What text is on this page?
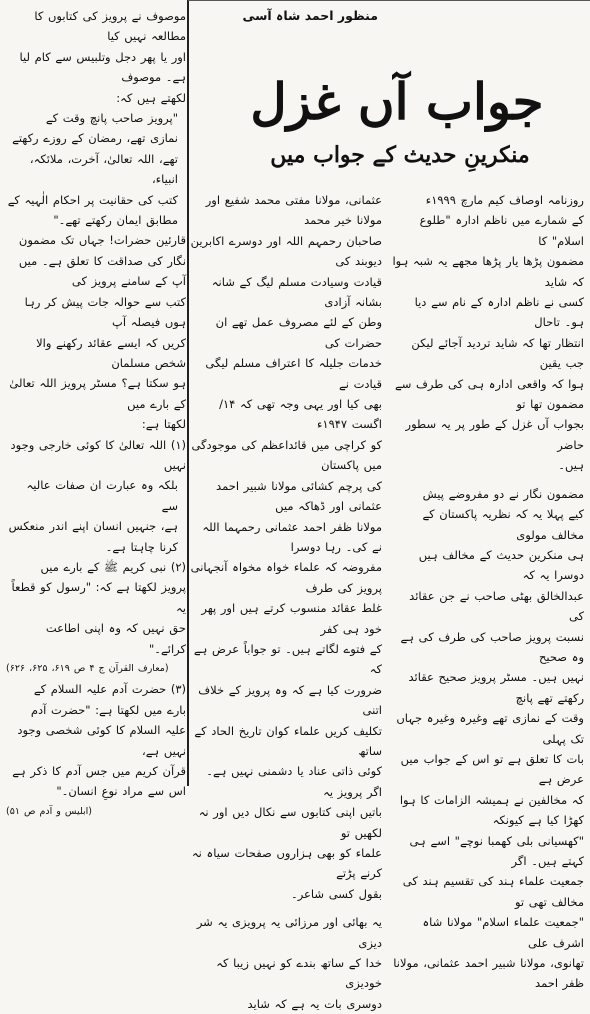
منظور احمد شاہ آسی
جواب آں غزل
منکرینِ حدیث کے جواب میں

روزنامہ اوصاف کیم مارچ ۱۹۹۹ء

کے شمارے میں ناظم ادارہ "طلوع اسلام" کا

مضمون پڑھا یار پڑھا مجھے یہ شبہ ہوا کہ شاید

کسی نے ناظم ادارہ کے نام سے دیا ہو۔ تاحال

انتظار تھا کہ شاید تردید آجائے لیکن جب یقین

ہوا کہ واقعی ادارہ ہی کی طرف سے مضمون تھا تو

بجواب آں غزل کے طور پر یہ سطور حاضر

ہیں۔

مضمون نگار نے دو مفروضے پیش

کیے پہلا یہ کہ نظریہ پاکستان کے مخالف مولوی

ہی منکرین حدیث کے مخالف ہیں دوسرا یہ کہ

عبدالخالق بھٹی صاحب نے جن عقائد کی

نسبت پرویز صاحب کی طرف کی ہے وہ صحیح

نہیں ہیں۔ مسٹر پرویز صحیح عقائد رکھتے تھے پانچ

وقت کے نمازی تھے وغیرہ وغیرہ جہاں تک پہلی

بات کا تعلق ہے تو اس کے جواب میں عرض ہے

کہ مخالفین نے ہمیشہ الزامات کا ہوا کھڑا کیا ہے کیونکہ

"کھسیانی بلی کھمبا نوچے" اسے ہی کہتے ہیں۔ اگر

جمعیت علماء ہند کی تقسیم ہند کی مخالف تھی تو

"جمعیت علماء اسلام" مولانا شاہ اشرف علی

تھانوی، مولانا شبیر احمد عثمانی، مولانا ظفر احمد

عثمانی، مولانا مفتی محمد شفیع اور مولانا خیر محمد

صاحبان رحمہم اللہ اور دوسرے اکابرین دیوبند کی

قیادت وسیادت مسلم لیگ کے شانہ بشانہ آزادی

وطن کے لئے مصروف عمل تھے ان حضرات کی

خدمات جلیلہ کا اعتراف مسلم لیگی قیادت نے

بھی کیا اور یہی وجہ تھی کہ ۱۴/اگست ۱۹۴۷ء

کو کراچی میں قائداعظم کی موجودگی میں پاکستان

کی پرچم کشائی مولانا شبیر احمد عثمانی اور ڈھاکہ میں

مولانا ظفر احمد عثمانی رحمہما اللہ نے کی۔ رہا دوسرا

مفروضہ کہ علماء خواہ مخواہ آنجہانی پرویز کی طرف

غلط عقائد منسوب کرتے ہیں اور پھر خود ہی کفر

کے فتوے لگاتے ہیں۔ تو جواباً عرض ہے کہ

ضرورت کیا ہے کہ وہ پرویز کے خلاف اتنی

تکلیف کریں علماء کوان تاریخ الحاد کے ساتھ

کوئی ذاتی عناد یا دشمنی نہیں ہے۔ اگر پرویز یہ

باتیں اپنی کتابوں سے نکال دیں اور نہ لکھیں تو

علماء کو بھی ہزاروں صفحات سیاہ نہ کرنے پڑتے

بقول کسی شاعر۔

یہ بھائی اور مرزائی یہ پرویزی یہ شر دیزی

خدا کے ساتھ بندے کو نہیں زیبا کہ خودیزی

دوسری بات یہ ہے کہ شاید

موصوف نے پرویز کی کتابوں کا مطالعہ نہیں کیا

اور یا پھر دجل وتلبیس سے کام لیا ہے۔ موصوف

لکھتے ہیں کہ:

"پرویز صاحب پانچ وقت کے

نمازی تھے، رمضان کے روزے رکھتے

تھے، اللہ تعالیٰ، آخرت، ملائکہ، انبیاء،

کتب کی حقانیت پر احکام الٰہیہ کے

مطابق ایمان رکھتے تھے۔"

قارئین حضرات! جہاں تک مضمون

نگار کی صداقت کا تعلق ہے۔ میں آپ کے سامنے پرویز کی

کتب سے حوالہ جات پیش کر رہا ہوں فیصلہ آپ

کریں کہ ایسے عقائد رکھنے والا شخص مسلمان

ہو سکتا ہے؟ مسٹر پرویز اللہ تعالیٰ کے بارے میں

لکھتا ہے:

(۱) اللہ تعالیٰ کا کوئی خارجی وجود نہیں

بلکہ وہ عبارت ان صفات عالیہ سے

ہے، جنہیں انسان اپنے اندر منعکس

کرنا چاہتا ہے۔

(۲) نبی کریم ﷺ کے بارے میں

پرویز لکھتا ہے کہ: "رسول کو قطعاً یہ

حق نہیں کہ وہ اپنی اطاعت کرائے۔"

(معارف القرآن ج ۴ ص ۶۱۹، ۶۲۵، ۶۲۶)

(۳) حضرت آدم علیہ السلام کے

بارے میں لکھتا ہے: "حضرت آدم

علیہ السلام کا کوئی شخصی وجود نہیں ہے،

قرآن کریم میں جس آدم کا ذکر ہے

اس سے مراد نوعِ انسان۔"

(ابلیس و آدم ص ۵۱)
